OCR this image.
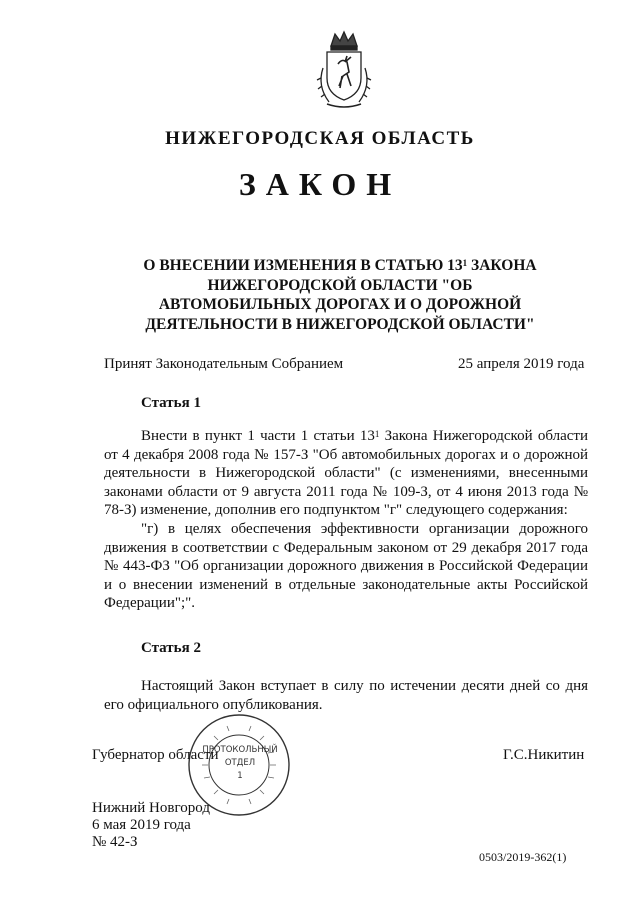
НИЖЕГОРОДСКАЯ ОБЛАСТЬ
ЗАКОН
О ВНЕСЕНИИ ИЗМЕНЕНИЯ В СТАТЬЮ $13^1$ ЗАКОНА НИЖЕГОРОДСКОЙ ОБЛАСТИ "ОБ АВТОМОБИЛЬНЫХ ДОРОГАХ И О ДОРОЖНОЙ ДЕЯТЕЛЬНОСТИ В НИЖЕГОРОДСКОЙ ОБЛАСТИ"
Принят Законодательным Собранием	25 апреля 2019 года
Статья 1

Внести в пункт 1 части 1 статьи $13^1$ Закона Нижегородской области от 4 декабря 2008 года № 157-З "Об автомобильных дорогах и о дорожной деятельности в Нижегородской области" (с изменениями, внесенными законами области от 9 августа 2011 года № 109-З, от 4 июня 2013 года № 78-З) изменение, дополнив его подпунктом "г" следующего содержания:

"г) в целях обеспечения эффективности организации дорожного движения в соответствии с Федеральным законом от 29 декабря 2017 года № 443-ФЗ "Об организации дорожного движения в Российской Федерации и о внесении изменений в отдельные законодательные акты Российской Федерации";".

Статья 2

Настоящий Закон вступает в силу по истечении десяти дней со дня его официального опубликования.

ПРОТОКОЛЬНЫЙ
ОТДЕЛ
1
Губернатор области	Г.С.Никитин
Нижний Новгород
6 мая 2019 года
№ 42-З
0503/2019-362(1)
